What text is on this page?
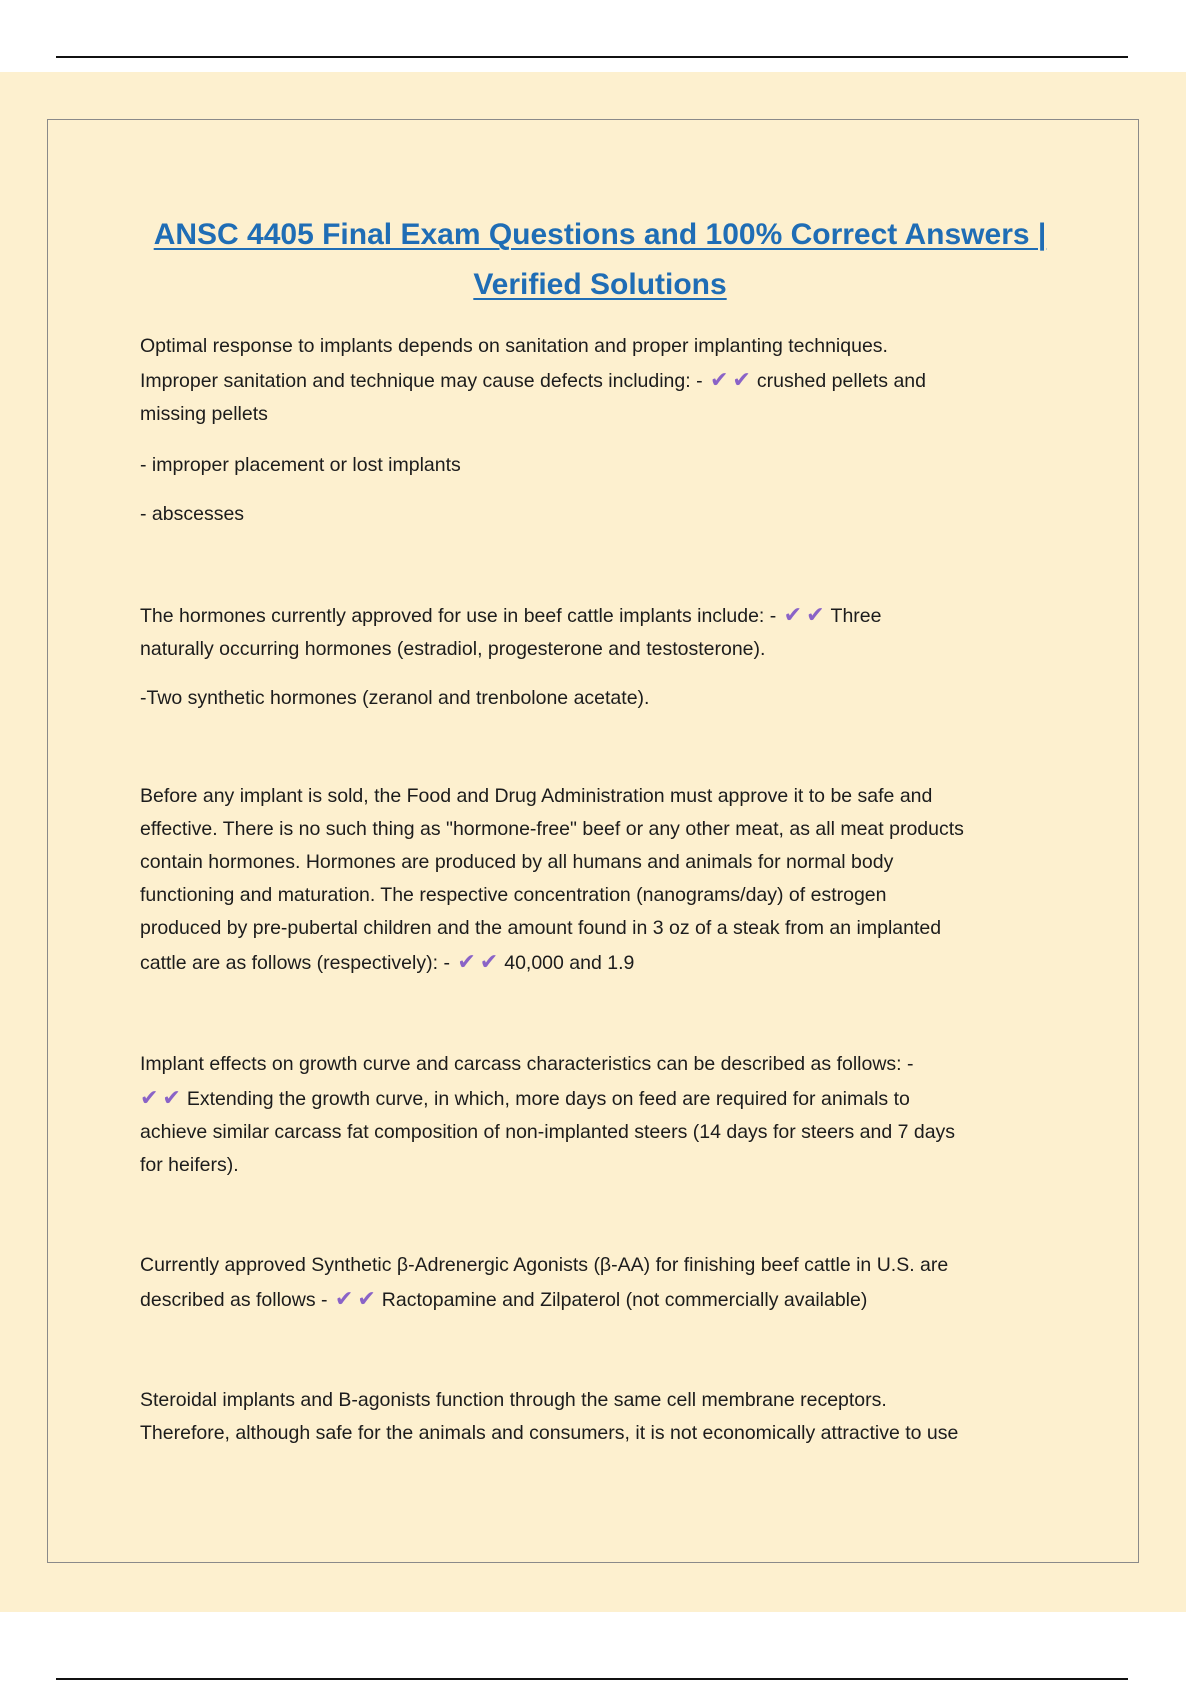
ANSC 4405 Final Exam Questions and 100% Correct Answers |
Verified Solutions
Optimal response to implants depends on sanitation and proper implanting techniques.
Improper sanitation and technique may cause defects including: - ✔✔ crushed pellets and
missing pellets
- improper placement or lost implants
- abscesses
The hormones currently approved for use in beef cattle implants include: - ✔✔ Three
naturally occurring hormones (estradiol, progesterone and testosterone).
-Two synthetic hormones (zeranol and trenbolone acetate).
Before any implant is sold, the Food and Drug Administration must approve it to be safe and
effective. There is no such thing as "hormone-free" beef or any other meat, as all meat products
contain hormones. Hormones are produced by all humans and animals for normal body
functioning and maturation. The respective concentration (nanograms/day) of estrogen
produced by pre-pubertal children and the amount found in 3 oz of a steak from an implanted
cattle are as follows (respectively): - ✔✔ 40,000 and 1.9
Implant effects on growth curve and carcass characteristics can be described as follows: -
✔✔ Extending the growth curve, in which, more days on feed are required for animals to
achieve similar carcass fat composition of non-implanted steers (14 days for steers and 7 days
for heifers).
Currently approved Synthetic β-Adrenergic Agonists (β-AA) for finishing beef cattle in U.S. are
described as follows - ✔✔ Ractopamine and Zilpaterol (not commercially available)
Steroidal implants and B-agonists function through the same cell membrane receptors.
Therefore, although safe for the animals and consumers, it is not economically attractive to use
